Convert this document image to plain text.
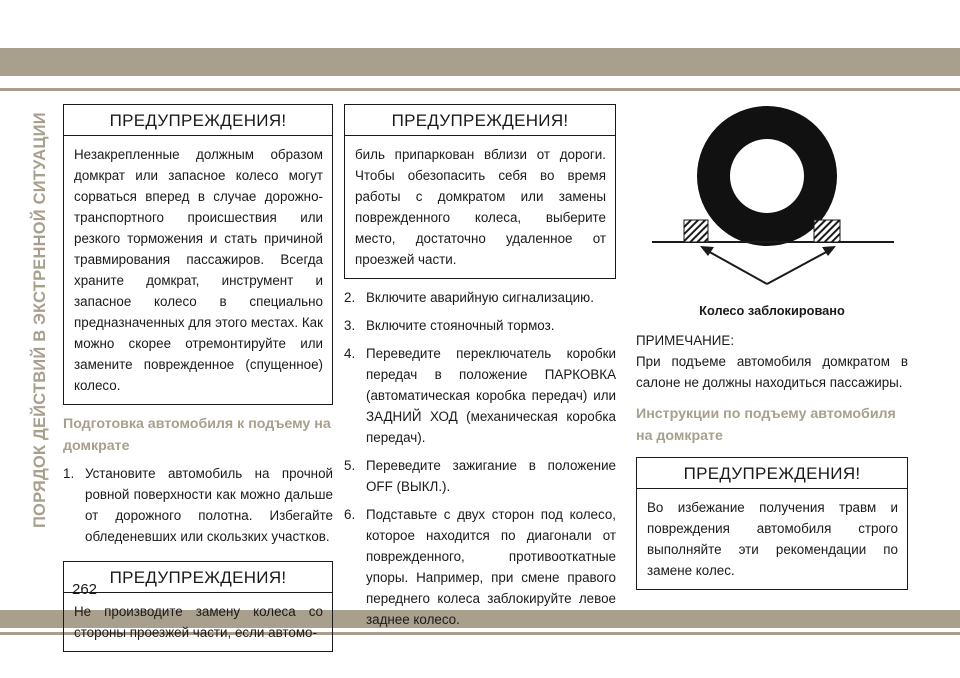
ПОРЯДОК ДЕЙСТВИЙ В ЭКСТРЕННОЙ СИТУАЦИИ	ПРЕДУПРЕЖДЕНИЯ!
Незакрепленные должным образом домкрат или запасное колесо могут сорваться вперед в случае дорожно-транспортного происшествия или резкого торможения и стать причиной травмирования пассажиров. Всегда храните домкрат, инструмент и запасное колесо в специально предназначенных для этого местах. Как можно скорее отремонтируйте или замените поврежденное (спущенное) колесо.
Подготовка автомобиля к подъему на домкрате
1. Установите автомобиль на прочной ровной поверхности как можно дальше от дорожного полотна. Избегайте обледеневших или скользких участков.
ПРЕДУПРЕЖДЕНИЯ!
Не производите замену колеса со стороны проезжей части, если автомо-
ПРЕДУПРЕЖДЕНИЯ!
биль припаркован вблизи от дороги. Чтобы обезопасить себя во время работы с домкратом или замены поврежденного колеса, выберите место, достаточно удаленное от проезжей части.
2. Включите аварийную сигнализацию.
3. Включите стояночный тормоз.
4. Переведите переключатель коробки передач в положение ПАРКОВКА (автоматическая коробка передач) или ЗАДНИЙ ХОД (механическая коробка передач).
5. Переведите зажигание в положение OFF (ВЫКЛ.).
6. Подставьте с двух сторон под колесо, которое находится по диагонали от поврежденного, противооткатные упоры. Например, при смене правого переднего колеса заблокируйте левое заднее колесо.
Колесо заблокировано
ПРИМЕЧАНИЕ:
При подъеме автомобиля домкратом в салоне не должны находиться пассажиры.
Инструкции по подъему автомобиля на домкрате
ПРЕДУПРЕЖДЕНИЯ!
Во избежание получения травм и повреждения автомобиля строго выполняйте эти рекомендации по замене колес.
262
